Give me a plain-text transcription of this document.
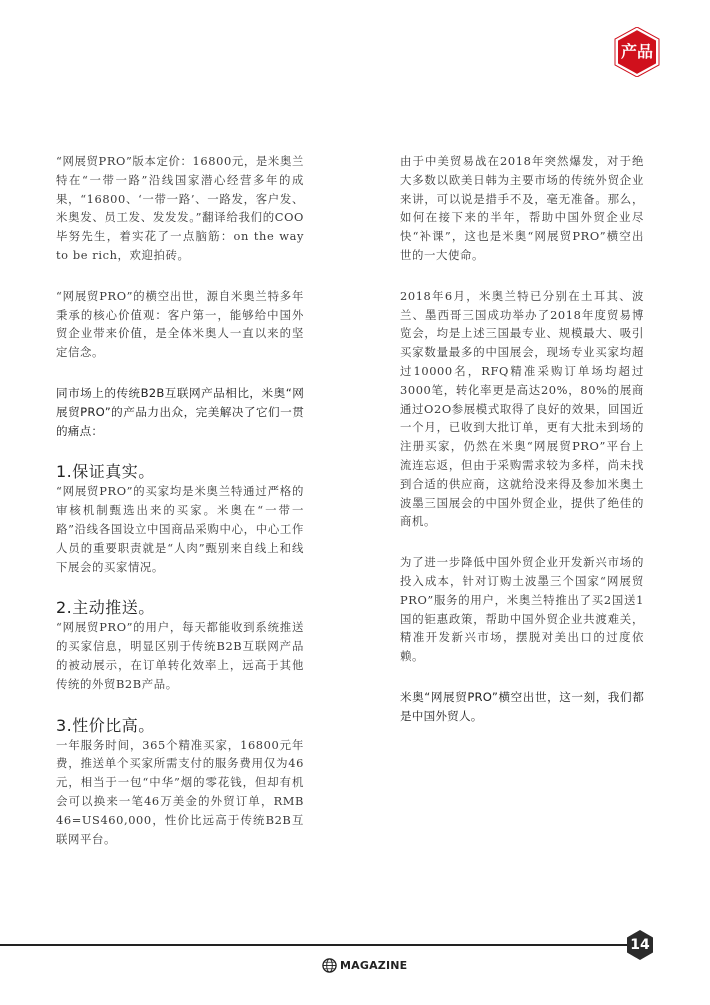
产品

“网展贸PRO”版本定价：16800元，是米奥兰特在“一带一路”沿线国家潜心经营多年的成果，“16800、‘一带一路’、一路发，客户发、米奥发、员工发、发发发。”翻译给我们的COO毕努先生，着实花了一点脑筋：on the way to be rich，欢迎拍砖。

“网展贸PRO”的横空出世，源自米奥兰特多年秉承的核心价值观：客户第一，能够给中国外贸企业带来价值，是全体米奥人一直以来的坚定信念。

同市场上的传统B2B互联网产品相比，米奥“网展贸PRO”的产品力出众，完美解决了它们一贯的痛点：

1.保证真实。

“网展贸PRO”的买家均是米奥兰特通过严格的审核机制甄选出来的买家。米奥在“一带一路”沿线各国设立中国商品采购中心，中心工作人员的重要职责就是“人肉”甄别来自线上和线下展会的买家情况。

2.主动推送。

“网展贸PRO”的用户，每天都能收到系统推送的买家信息，明显区别于传统B2B互联网产品的被动展示，在订单转化效率上，远高于其他传统的外贸B2B产品。

3.性价比高。

一年服务时间，365个精准买家，16800元年费，推送单个买家所需支付的服务费用仅为46元，相当于一包“中华”烟的零花钱，但却有机会可以换来一笔46万美金的外贸订单，RMB　46=US460,000，性价比远高于传统B2B互联网平台。

由于中美贸易战在2018年突然爆发，对于绝大多数以欧美日韩为主要市场的传统外贸企业来讲，可以说是措手不及，毫无准备。那么，如何在接下来的半年，帮助中国外贸企业尽快“补课”，这也是米奥“网展贸PRO”横空出世的一大使命。

2018年6月，米奥兰特已分别在土耳其、波兰、墨西哥三国成功举办了2018年度贸易博览会，均是上述三国最专业、规模最大、吸引买家数量最多的中国展会，现场专业买家均超过10000名，RFQ精准采购订单场均超过3000笔，转化率更是高达20%，80%的展商通过O2O参展模式取得了良好的效果，回国近一个月，已收到大批订单，更有大批未到场的注册买家，仍然在米奥“网展贸PRO”平台上流连忘返，但由于采购需求较为多样，尚未找到合适的供应商，这就给没来得及参加米奥土波墨三国展会的中国外贸企业，提供了绝佳的商机。

为了进一步降低中国外贸企业开发新兴市场的投入成本，针对订购土波墨三个国家“网展贸PRO”服务的用户，米奥兰特推出了买2国送1国的钜惠政策，帮助中国外贸企业共渡难关，精准开发新兴市场，摆脱对美出口的过度依赖。

米奥“网展贸PRO”横空出世，这一刻，我们都是中国外贸人。

14
MAGAZINE
